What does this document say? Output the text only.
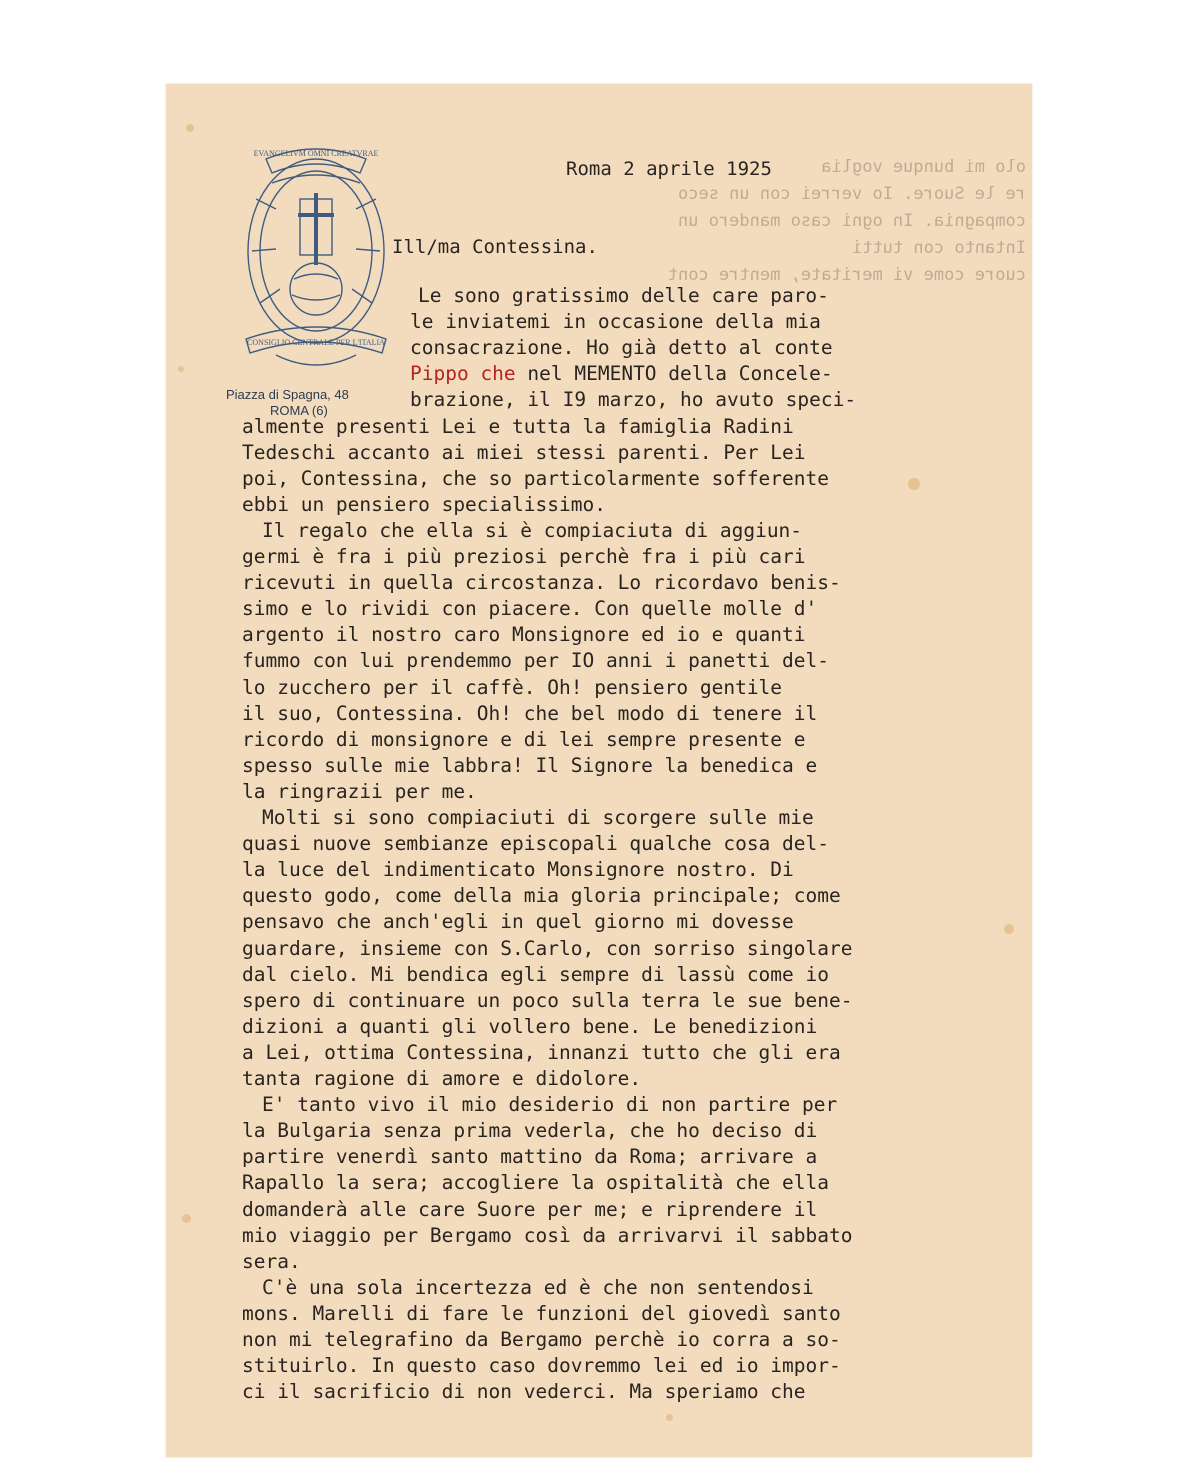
olo mi bunque voglia
re le Suore. Io verrei con un seco
compagnia. In ogni caso mandero un
Intanto con tutti
cuore come vi meritate, mentre cont
EVANGELIVM OMNI CREATVRAE
CONSIGLIO CENTRALE PER L'ITALIA
Piazza di Spagna, 48
ROMA (6)
Roma 2 aprile 1925
Ill/ma Contessina.
Le sono gratissimo delle care paro-
le inviatemi in occasione della mia
consacrazione. Ho già detto al conte
Pippo che nel MEMENTO della Concele-
brazione, il I9 marzo, ho avuto speci-
almente presenti Lei e tutta la famiglia Radini
Tedeschi accanto ai miei stessi parenti. Per Lei
poi, Contessina, che so particolarmente sofferente
ebbi un pensiero specialissimo.
Il regalo che ella si è compiaciuta di aggiun-
germi è fra i più preziosi perchè fra i più cari
ricevuti in quella circostanza. Lo ricordavo benis-
simo e lo rividi con piacere. Con quelle molle d'
argento il nostro caro Monsignore ed io e quanti
fummo con lui prendemmo per IO anni i panetti del-
lo zucchero per il caffè. Oh! pensiero gentile
il suo, Contessina. Oh! che bel modo di tenere il
ricordo di monsignore e di lei sempre presente e
spesso sulle mie labbra! Il Signore la benedica e
la ringrazii per me.
Molti si sono compiaciuti di scorgere sulle mie
quasi nuove sembianze episcopali qualche cosa del-
la luce del indimenticato Monsignore nostro. Di
questo godo, come della mia gloria principale; come
pensavo che anch'egli in quel giorno mi dovesse
guardare, insieme con S.Carlo, con sorriso singolare
dal cielo. Mi bendica egli sempre di lassù come io
spero di continuare un poco sulla terra le sue bene-
dizioni a quanti gli vollero bene. Le benedizioni
a Lei, ottima Contessina, innanzi tutto che gli era
tanta ragione di amore e didolore.
E' tanto vivo il mio desiderio di non partire per
la Bulgaria senza prima vederla, che ho deciso di
partire venerdì santo mattino da Roma; arrivare a
Rapallo la sera; accogliere la ospitalità che ella
domanderà alle care Suore per me; e riprendere il
mio viaggio per Bergamo così da arrivarvi il sabbato
sera.
C'è una sola incertezza ed è che non sentendosi
mons. Marelli di fare le funzioni del giovedì santo
non mi telegrafino da Bergamo perchè io corra a so-
stituirlo. In questo caso dovremmo lei ed io impor-
ci il sacrificio di non vederci. Ma speriamo che
